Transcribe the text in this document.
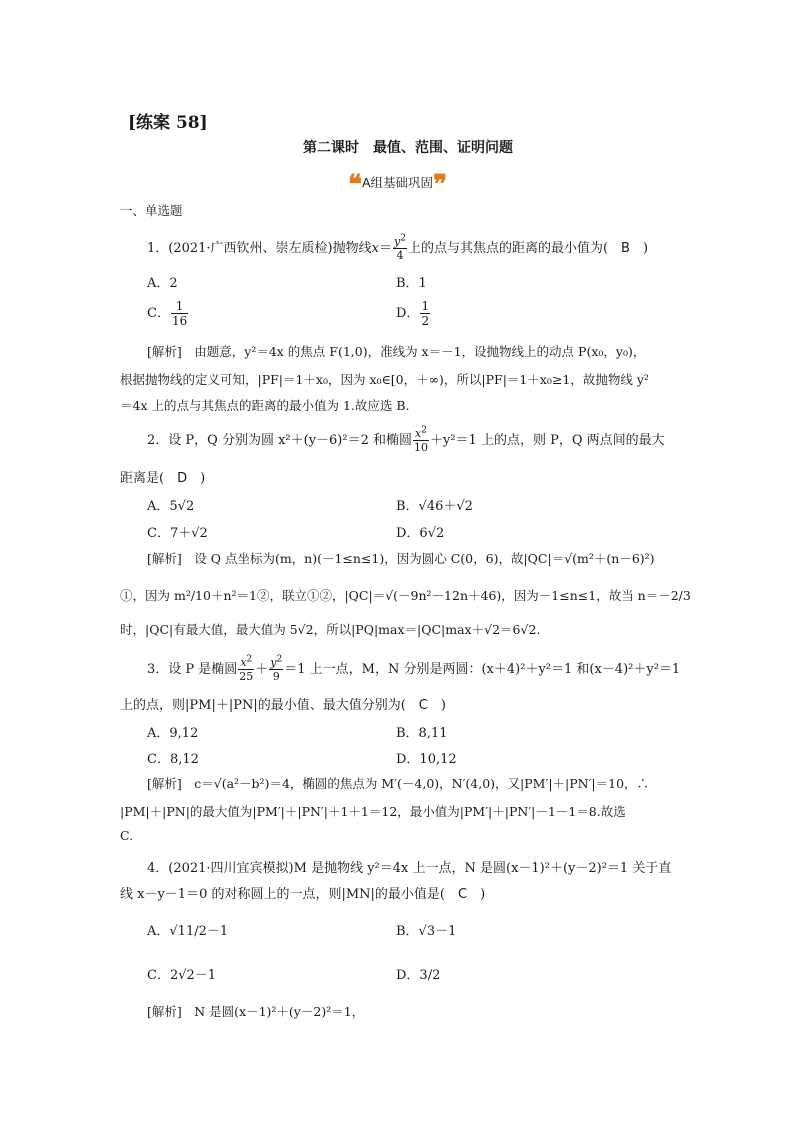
[练案 58]
第二课时　最值、范围、证明问题
❝A组基础巩固❞
一、单选题
1．(2021·广西钦州、崇左质检)抛物线$x= \frac{y^2}{4}$ 上的点与其焦点的距离的最小值为(　B　)
A．2	B．1
C． $\frac{1}{16}$	D． $\frac{1}{2}$
[解析]　由题意，y²＝4x 的焦点 F(1,0)，准线为 x＝－1，设抛物线上的动点 P(x₀，y₀)，
根据抛物线的定义可知，|PF|＝1＋x₀，因为 x₀∈[0，＋∞)，所以|PF|＝1＋x₀≥1，故抛物线 y²
＝4x 上的点与其焦点的距离的最小值为 1.故应选 B.
2．设 P，Q 分别为圆 x²＋(y－6)²＝2 和椭圆 $\frac{x^2}{10} +y^2=1$ 上的点，则 P，Q 两点间的最大
距离是(　D　)
A．5√2	B．√46＋√2
C．7＋√2	D．6√2
[解析]　设 Q 点坐标为(m，n)(－1≤n≤1)，因为圆心 C(0，6)，故|QC|＝√(m²＋(n－6)²)
①，因为 m²/10＋n²＝1②，联立①②，|QC|＝√(－9n²－12n＋46)，因为－1≤n≤1，故当 n＝－2/3
时，|QC|有最大值，最大值为 5√2，所以|PQ|max＝|QC|max＋√2＝6√2.
3．设 P 是椭圆 $\frac{x^2}{25} + \frac{y^2}{9} =1$ 上一点，M，N 分别是两圆：(x＋4)²＋y²＝1 和(x－4)²＋y²＝1
上的点，则|PM|＋|PN|的最小值、最大值分别为(　C　)
A．9,12	B．8,11
C．8,12	D．10,12
[解析]　c＝√(a²－b²)＝4，椭圆的焦点为 M′(－4,0)，N′(4,0)，又|PM′|＋|PN′|＝10，∴
|PM|＋|PN|的最大值为|PM′|＋|PN′|＋1＋1＝12，最小值为|PM′|＋|PN′|－1－1＝8.故选
C.
4．(2021·四川宜宾模拟)M 是抛物线 y²＝4x 上一点，N 是圆(x－1)²＋(y－2)²＝1 关于直
线 x－y－1＝0 的对称圆上的一点，则|MN|的最小值是(　C　)
A．√11/2－1	B．√3－1
C．2√2－1	D．3/2
[解析]　N 是圆(x－1)²＋(y－2)²＝1，
